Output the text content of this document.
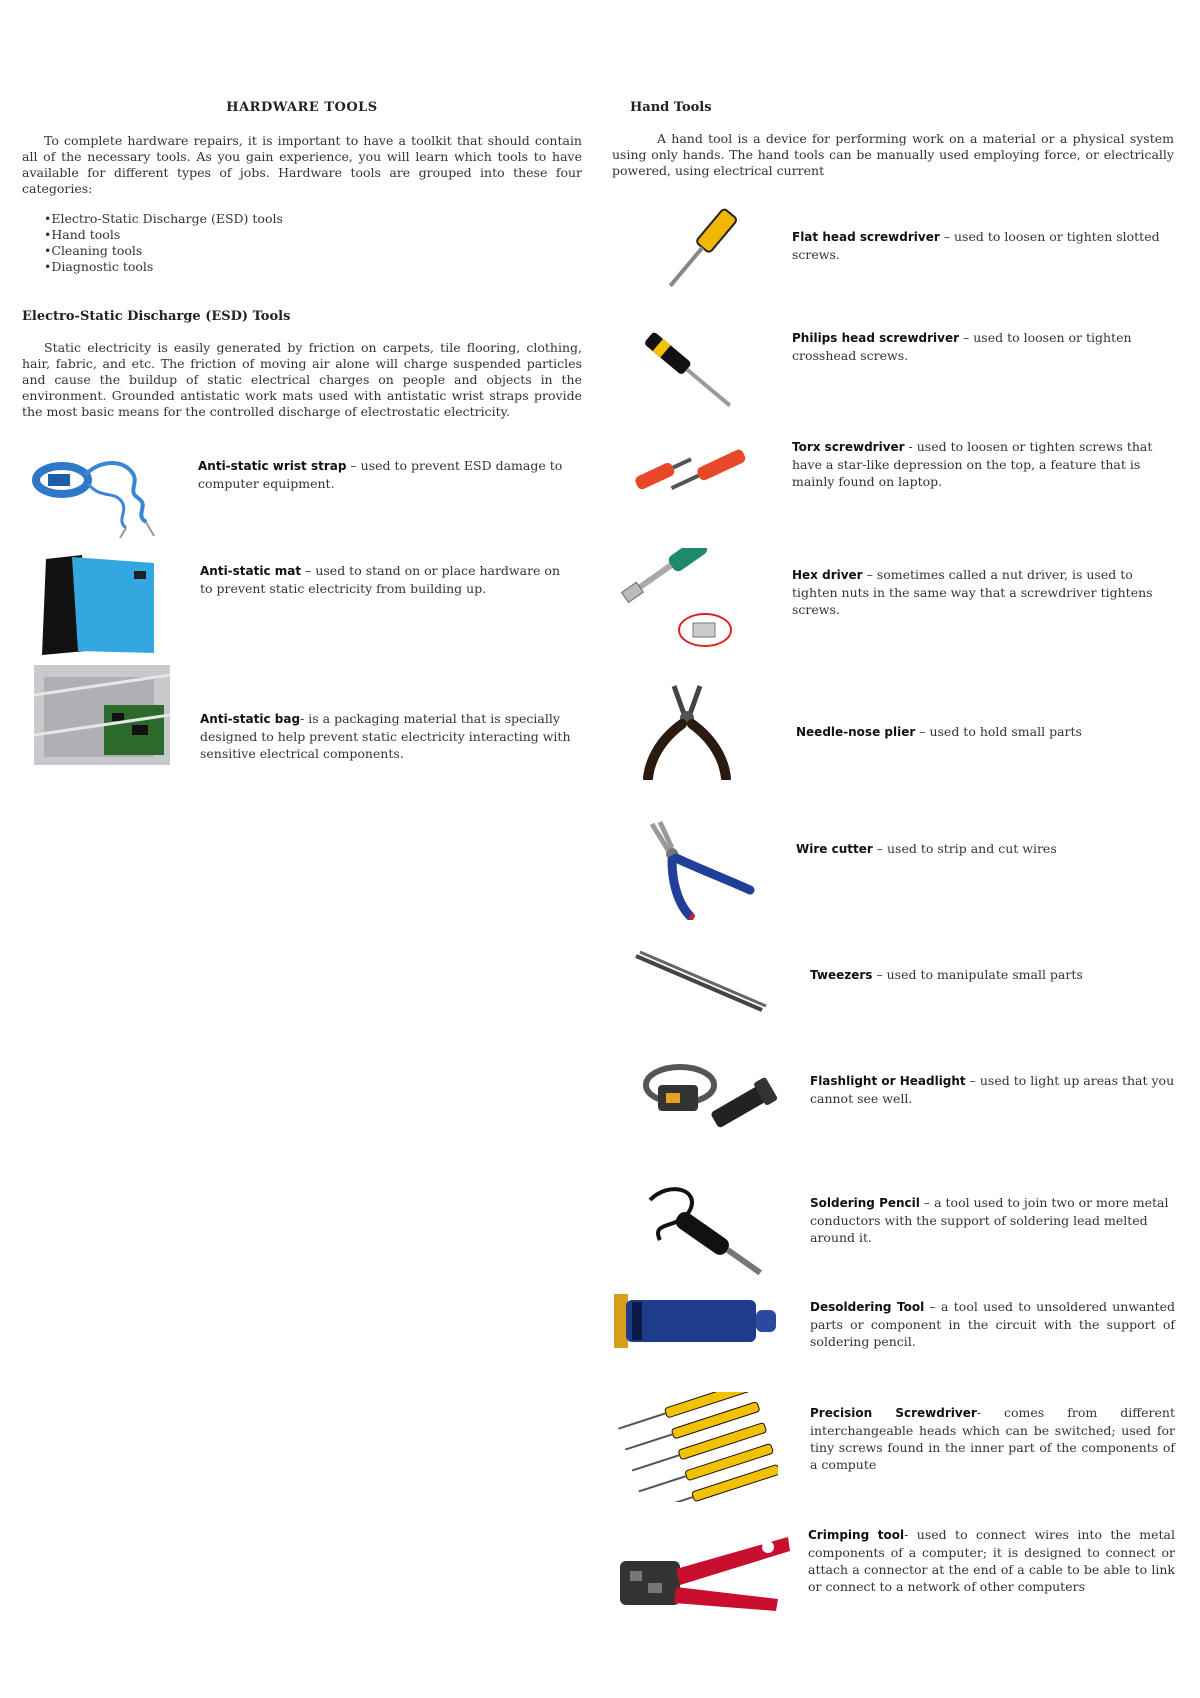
HARDWARE TOOLS

To complete hardware repairs, it is important to have a toolkit that should contain all of the necessary tools. As you gain experience, you will learn which tools to have available for different types of jobs. Hardware tools are grouped into these four categories:

• Electro-Static Discharge (ESD) tools
• Hand tools
• Cleaning tools
• Diagnostic tools
Electro-Static Discharge (ESD) Tools

Static electricity is easily generated by friction on carpets, tile flooring, clothing, hair, fabric, and etc. The friction of moving air alone will charge suspended particles and cause the buildup of static electrical charges on people and objects in the environment. Grounded antistatic work mats used with antistatic wrist straps provide the most basic means for the controlled discharge of electrostatic electricity.

Anti-static wrist strap – used to prevent ESD damage to computer equipment.
Anti-static mat – used to stand on or place hardware on to prevent static electricity from building up.
Anti-static bag- is a packaging material that is specially designed to help prevent static electricity interacting with sensitive electrical components.
Hand Tools

A hand tool is a device for performing work on a material or a physical system using only hands. The hand tools can be manually used employing force, or electrically powered, using electrical current

Flat head screwdriver – used to loosen or tighten slotted screws.
Philips head screwdriver – used to loosen or tighten crosshead screws.
Torx screwdriver - used to loosen or tighten screws that have a star-like depression on the top, a feature that is mainly found on laptop.
Hex driver – sometimes called a nut driver, is used to tighten nuts in the same way that a screwdriver tightens screws.
Needle-nose plier – used to hold small parts
Wire cutter – used to strip and cut wires
Tweezers – used to manipulate small parts
Flashlight or Headlight – used to light up areas that you cannot see well.
Soldering Pencil – a tool used to join two or more metal conductors with the support of soldering lead melted around it.
Desoldering Tool – a tool used to unsoldered unwanted parts or component in the circuit with the support of soldering pencil.
Precision Screwdriver- comes from different interchangeable heads which can be switched; used for tiny screws found in the inner part of the components of a compute
Crimping tool- used to connect wires into the metal components of a computer; it is designed to connect or attach a connector at the end of a cable to be able to link or connect to a network of other computers
